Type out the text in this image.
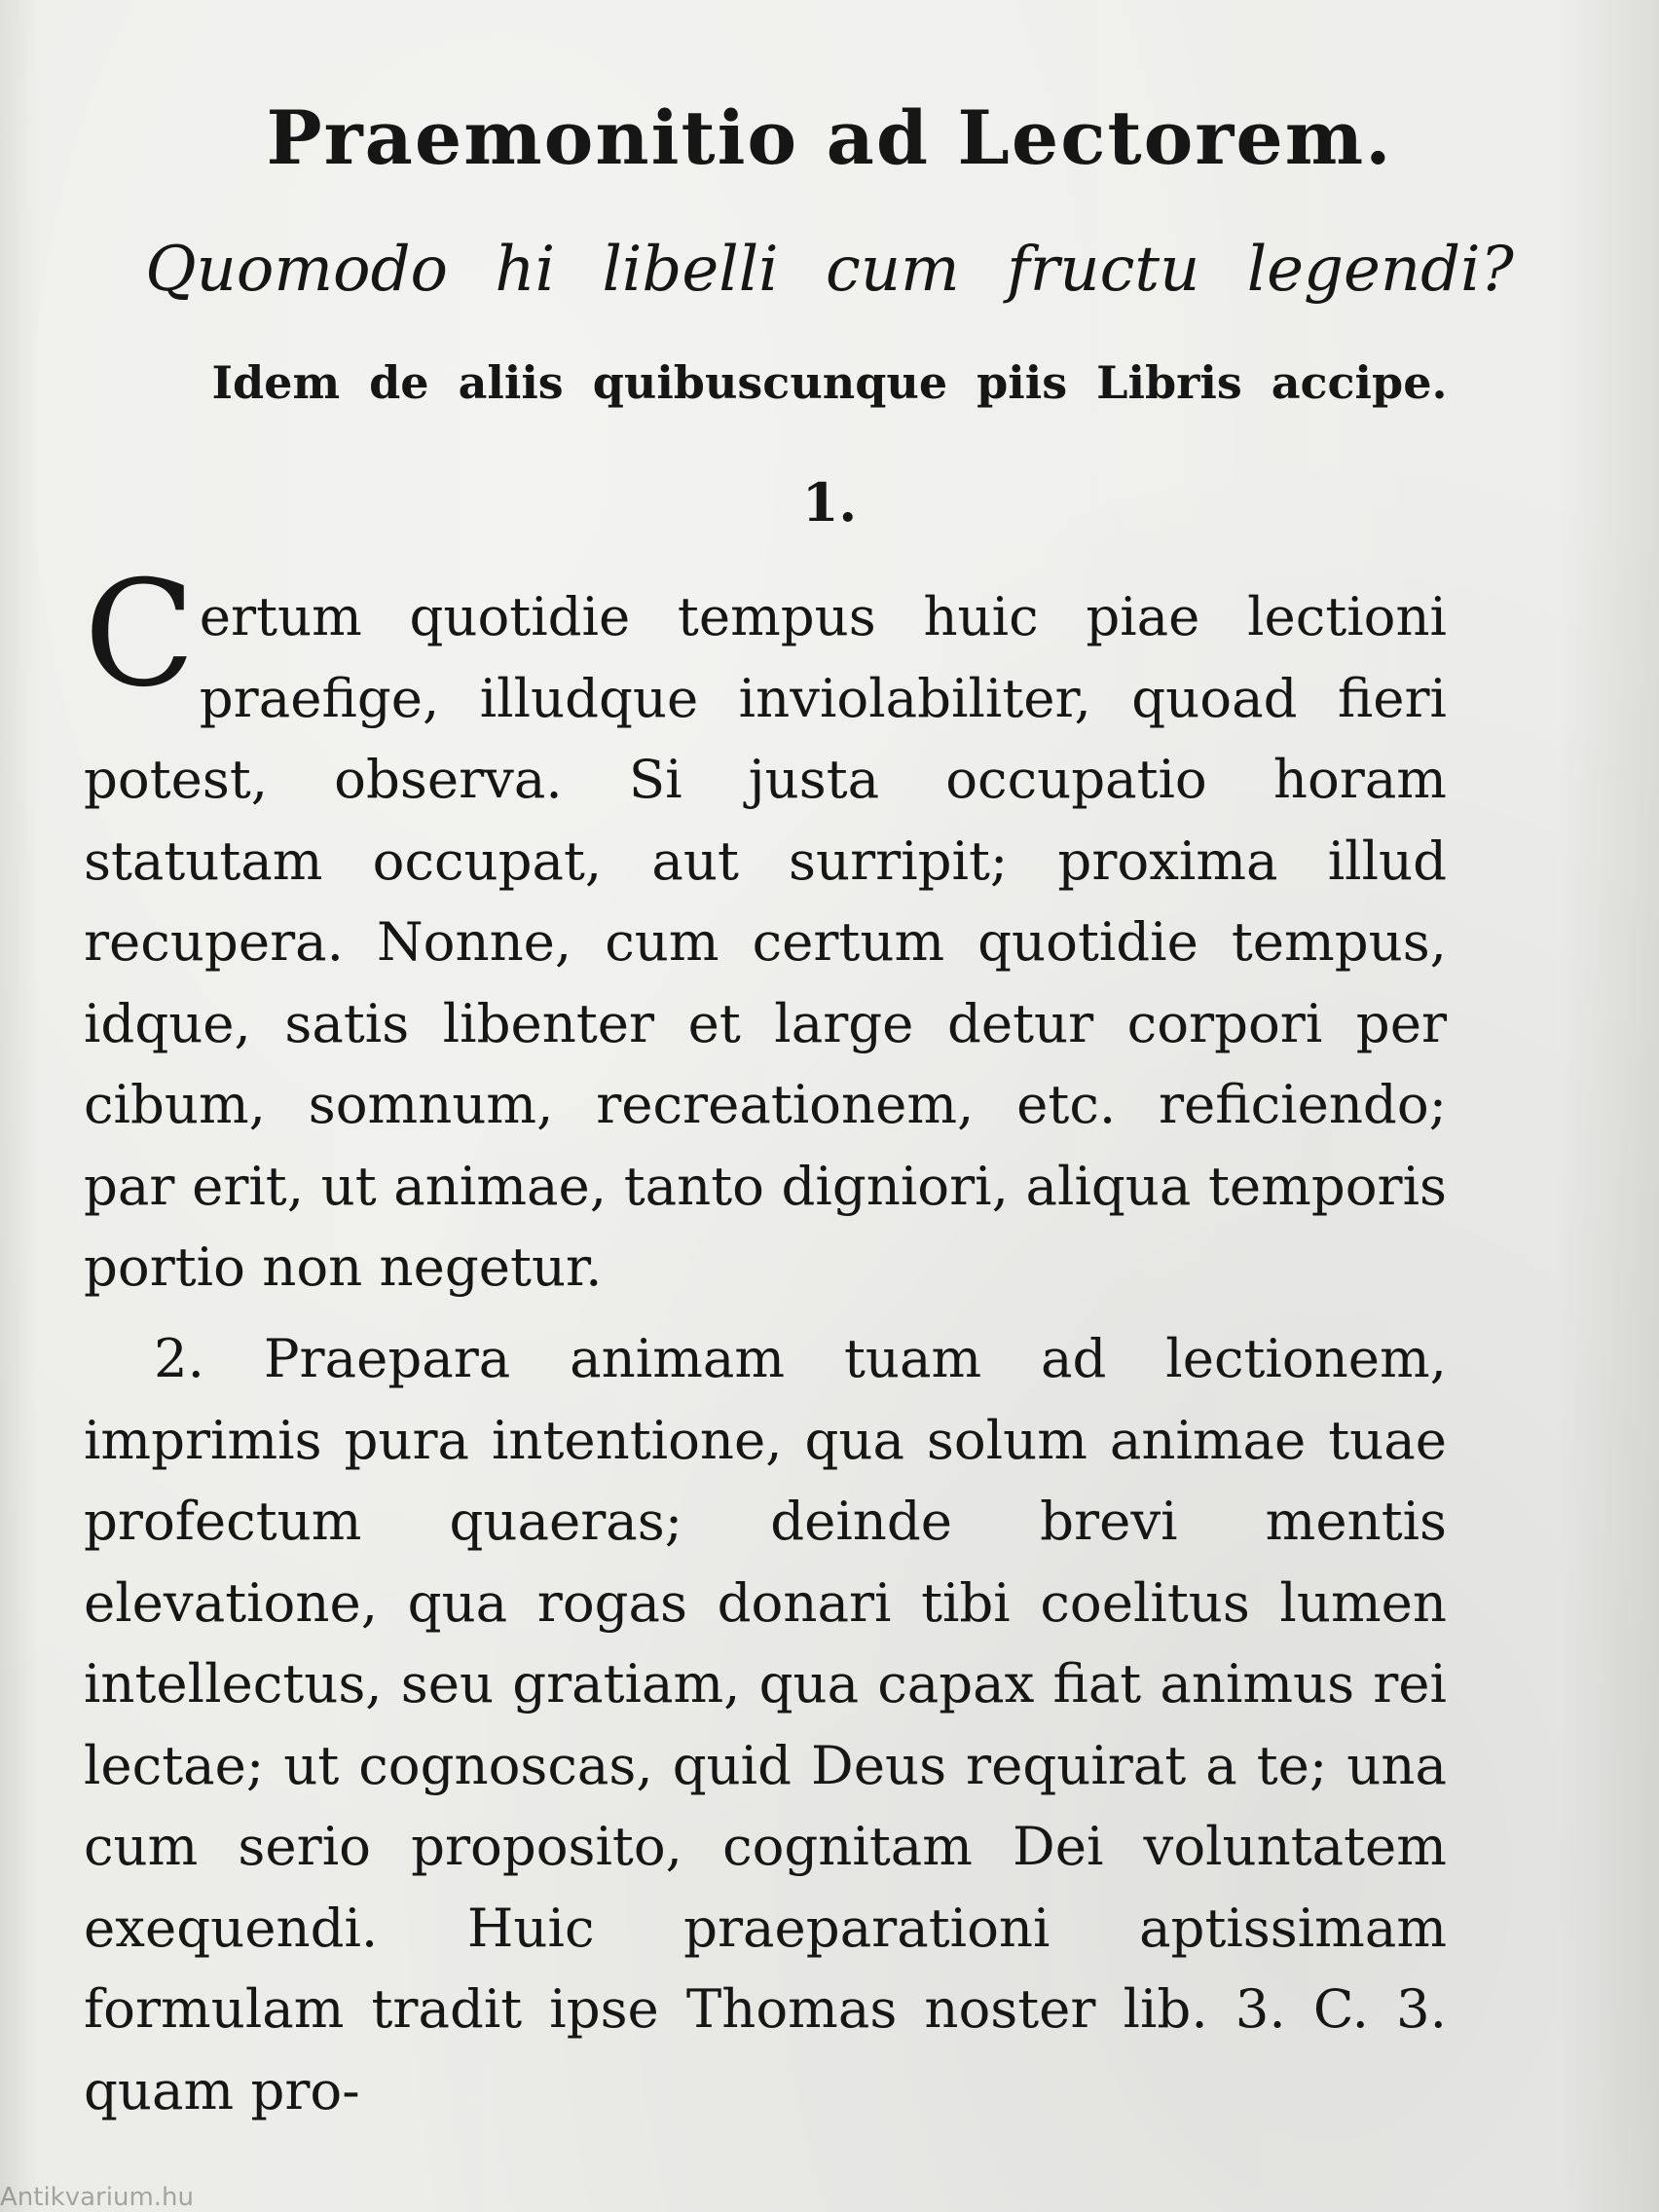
Praemonitio ad Lectorem.
Quomodo hi libelli cum fructu legendi?
Idem de aliis quibuscunque piis Libris accipe.
1.
Certum quotidie tempus huic piae lectioni praefige, illudque inviolabiliter, quoad fieri potest, observa. Si justa occupatio horam statutam occupat, aut surripit; proxima illud recupera. Nonne, cum certum quotidie tempus, idque, satis libenter et large detur corpori per cibum, somnum, recreationem, etc. reficiendo; par erit, ut animae, tanto digniori, aliqua temporis portio non negetur.
2. Praepara animam tuam ad lectionem, imprimis pura intentione, qua solum animae tuae profectum quaeras; deinde brevi mentis elevatione, qua rogas donari tibi coelitus lumen intellectus, seu gratiam, qua capax fiat animus rei lectae; ut cognoscas, quid Deus requirat a te; una cum serio proposito, cognitam Dei voluntatem exequendi. Huic praeparationi aptissimam formulam tradit ipse Thomas noster lib. 3. C. 3. quam pro-
Antikvarium.hu
